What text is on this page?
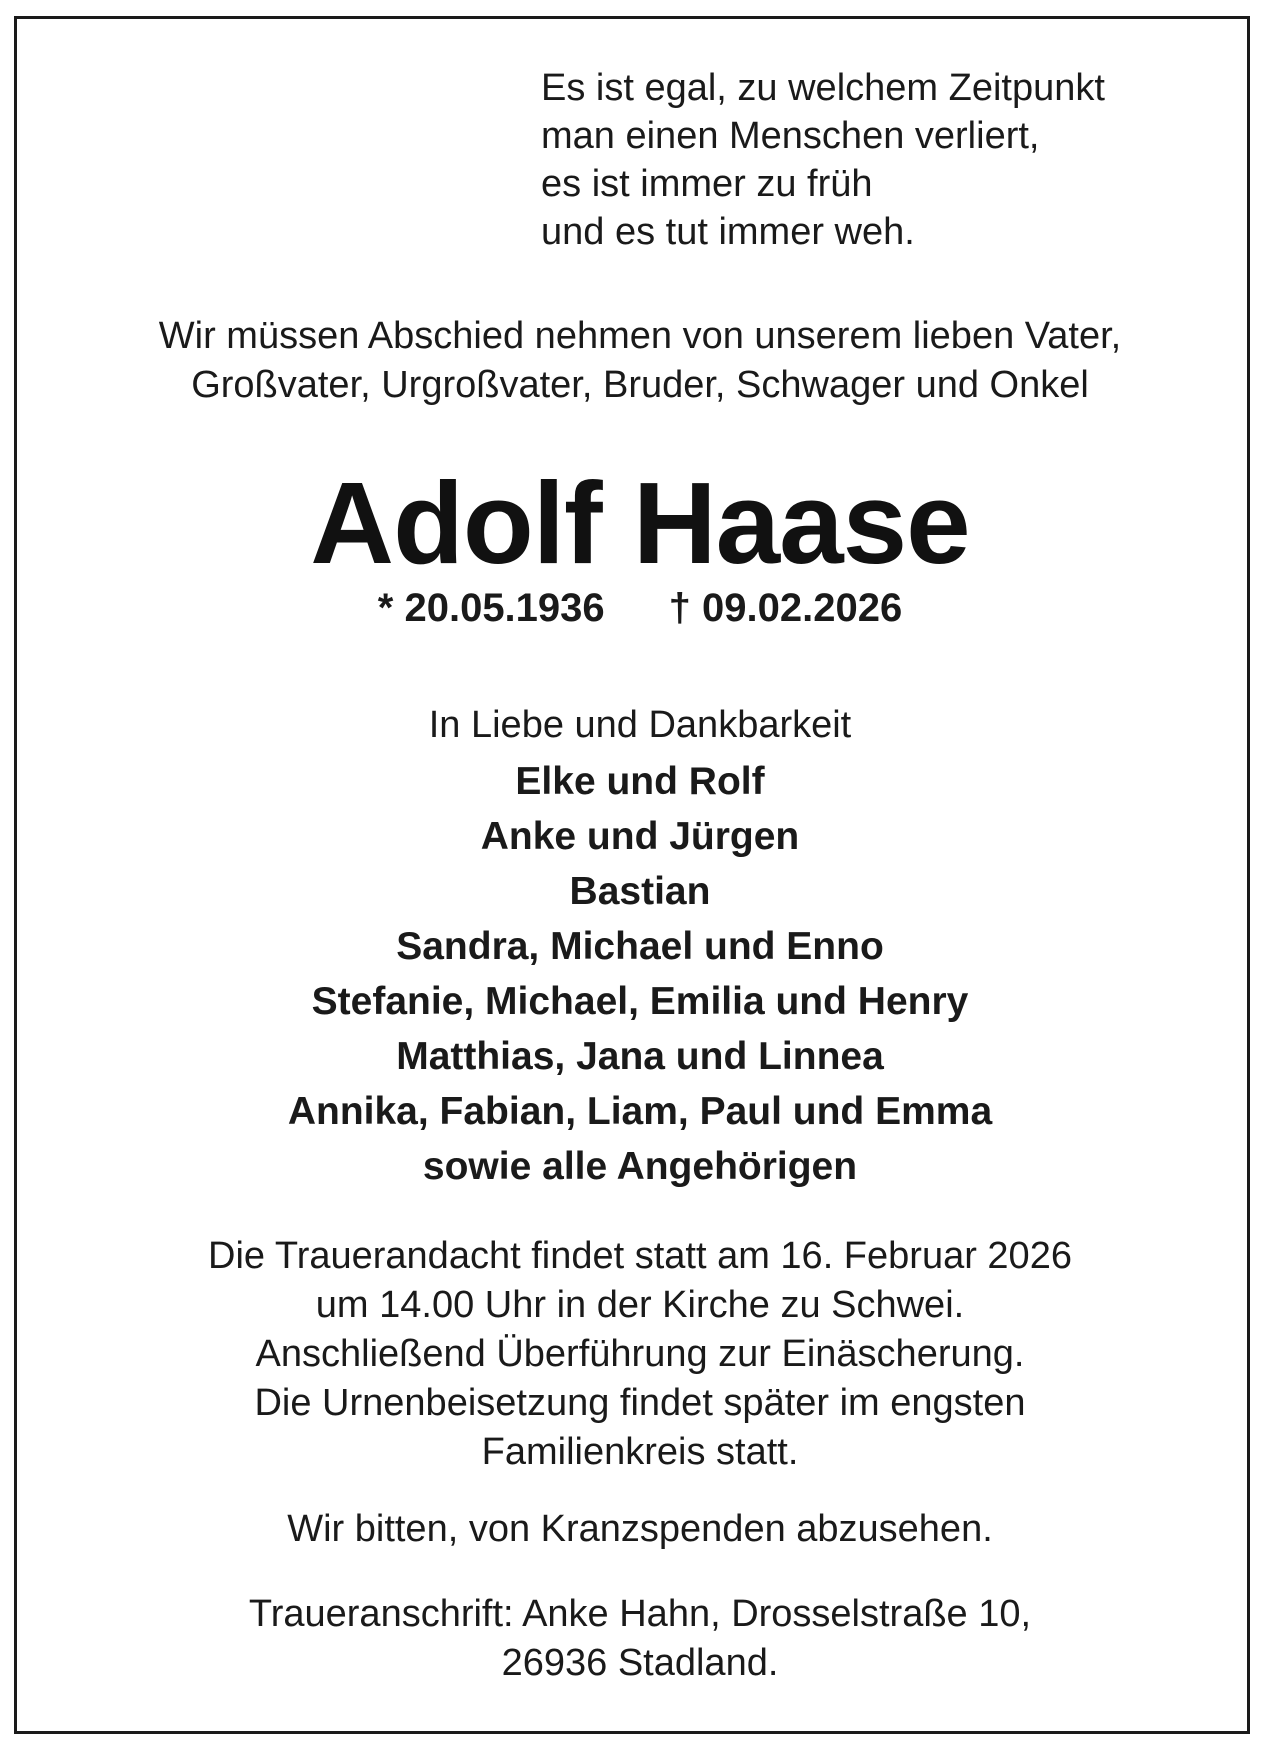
Es ist egal, zu welchem Zeitpunkt
man einen Menschen verliert,
es ist immer zu früh
und es tut immer weh.

Wir müssen Abschied nehmen von unserem lieben Vater,
Großvater, Urgroßvater, Bruder, Schwager und Onkel

Adolf Haase

* 20.05.1936 † 09.02.2026

In Liebe und Dankbarkeit

Elke und Rolf
Anke und Jürgen
Bastian
Sandra, Michael und Enno
Stefanie, Michael, Emilia und Henry
Matthias, Jana und Linnea
Annika, Fabian, Liam, Paul und Emma
sowie alle Angehörigen

Die Trauerandacht findet statt am 16. Februar 2026
um 14.00 Uhr in der Kirche zu Schwei.
Anschließend Überführung zur Einäscherung.
Die Urnenbeisetzung findet später im engsten
Familienkreis statt.

Wir bitten, von Kranzspenden abzusehen.

Traueranschrift: Anke Hahn, Drosselstraße 10,
26936 Stadland.
